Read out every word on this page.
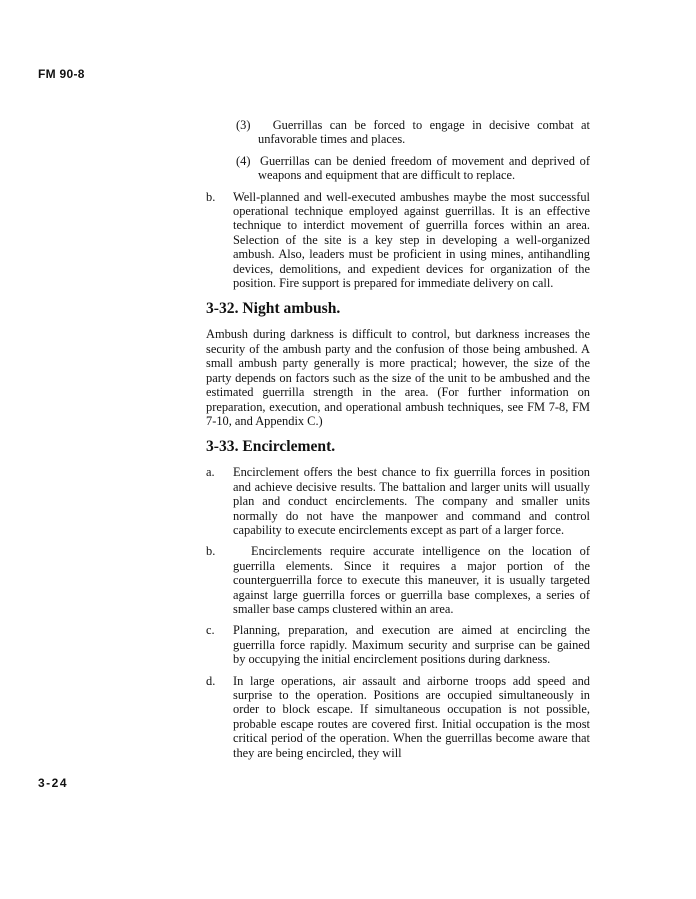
FM 90-8
(3) Guerrillas can be forced to engage in decisive combat at unfavorable times and places.
(4) Guerrillas can be denied freedom of movement and deprived of weapons and equipment that are difficult to replace.
b. Well-planned and well-executed ambushes maybe the most successful operational technique employed against guerrillas. It is an effective technique to interdict movement of guerrilla forces within an area. Selection of the site is a key step in developing a well-organized ambush. Also, leaders must be proficient in using mines, antihandling devices, demolitions, and expedient devices for organization of the position. Fire support is prepared for immediate delivery on call.
3-32. Night ambush.
Ambush during darkness is difficult to control, but darkness increases the security of the ambush party and the confusion of those being ambushed. A small ambush party generally is more practical; however, the size of the party depends on factors such as the size of the unit to be ambushed and the estimated guerrilla strength in the area. (For further information on preparation, execution, and operational ambush techniques, see FM 7-8, FM 7-10, and Appendix C.)
3-33. Encirclement.
a. Encirclement offers the best chance to fix guerrilla forces in position and achieve decisive results. The battalion and larger units will usually plan and conduct encirclements. The company and smaller units normally do not have the manpower and command and control capability to execute encirclements except as part of a larger force.
b.	Encirclements require accurate intelligence on the location of guerrilla elements. Since it requires a major portion of the counterguerrilla force to execute this maneuver, it is usually targeted against large guerrilla forces or guerrilla base complexes, a series of smaller base camps clustered within an area.
c. Planning, preparation, and execution are aimed at encircling the guerrilla force rapidly. Maximum security and surprise can be gained by occupying the initial encirclement positions during darkness.
d. In large operations, air assault and airborne troops add speed and surprise to the operation. Positions are occupied simultaneously in order to block escape. If simultaneous occupation is not possible, probable escape routes are covered first. Initial occupation is the most critical period of the operation. When the guerrillas become aware that they are being encircled, they will
3-24
